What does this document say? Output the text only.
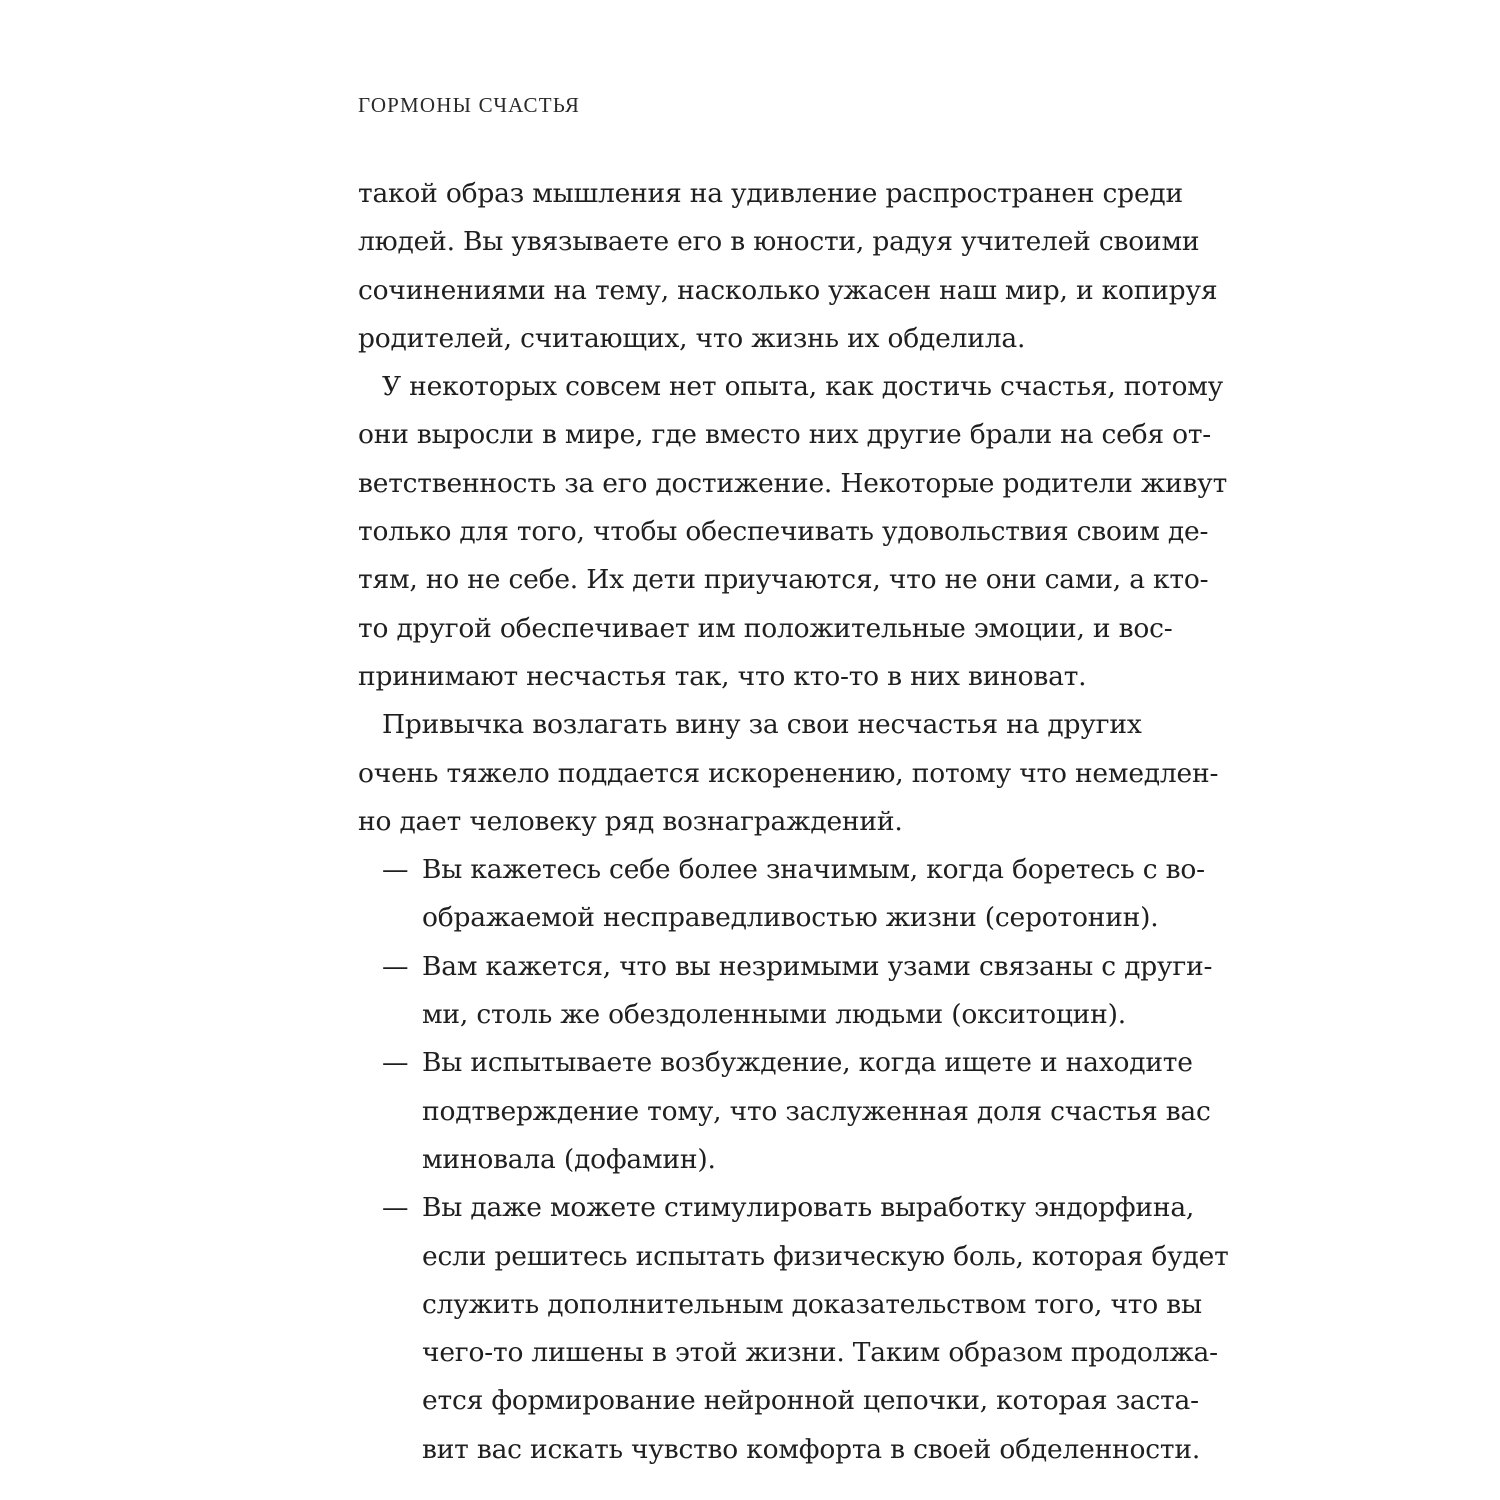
ГОРМОНЫ СЧАСТЬЯ
такой образ мышления на удивление распространен среди
людей. Вы увязываете его в юности, радуя учителей своими
сочинениями на тему, насколько ужасен наш мир, и копируя
родителей, считающих, что жизнь их обделила.
У некоторых совсем нет опыта, как достичь счастья, потому
они выросли в мире, где вместо них другие брали на себя от-
ветственность за его достижение. Некоторые родители живут
только для того, чтобы обеспечивать удовольствия своим де-
тям, но не себе. Их дети приучаются, что не они сами, а кто-
то другой обеспечивает им положительные эмоции, и вос-
принимают несчастья так, что кто-то в них виноват.
Привычка возлагать вину за свои несчастья на других
очень тяжело поддается искоренению, потому что немедлен-
но дает человеку ряд вознаграждений.
— Вы кажетесь себе более значимым, когда боретесь с во-
ображаемой несправедливостью жизни (серотонин).
— Вам кажется, что вы незримыми узами связаны с други-
ми, столь же обездоленными людьми (окситоцин).
— Вы испытываете возбуждение, когда ищете и находите
подтверждение тому, что заслуженная доля счастья вас
миновала (дофамин).
— Вы даже можете стимулировать выработку эндорфина,
если решитесь испытать физическую боль, которая будет
служить дополнительным доказательством того, что вы
чего-то лишены в этой жизни. Таким образом продолжа-
ется формирование нейронной цепочки, которая заста-
вит вас искать чувство комфорта в своей обделенности.
